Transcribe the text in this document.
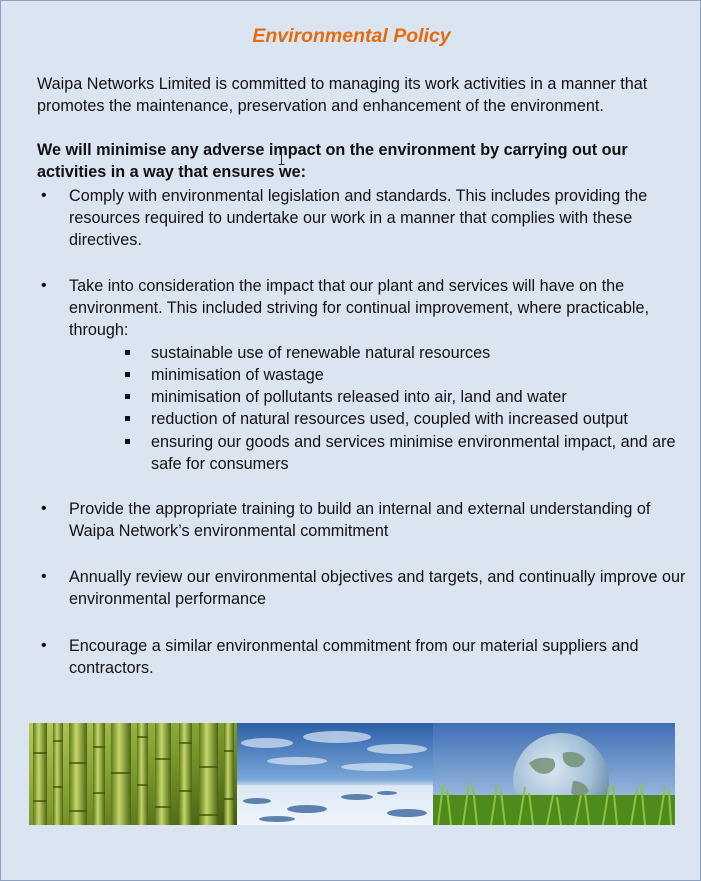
Environmental Policy

Waipa Networks Limited is committed to managing its work activities in a manner that promotes the maintenance, preservation and enhancement of the environment.

We will minimise any adverse impact on the environment by carrying out our activities in a way that ensures we:

• Comply with environmental legislation and standards. This includes providing the resources required to undertake our work in a manner that complies with these directives.

• Take into consideration the impact that our plant and services will have on the environment. This included striving for continual improvement, where practicable, through:

sustainable use of renewable natural resources

minimisation of wastage

minimisation of pollutants released into air, land and water

reduction of natural resources used, coupled with increased output

ensuring our goods and services minimise environmental impact, and are safe for consumers

• Provide the appropriate training to build an internal and external understanding of Waipa Network’s environmental commitment

• Annually review our environmental objectives and targets, and continually improve our environmental performance

• Encourage a similar environmental commitment from our material suppliers and contractors.
